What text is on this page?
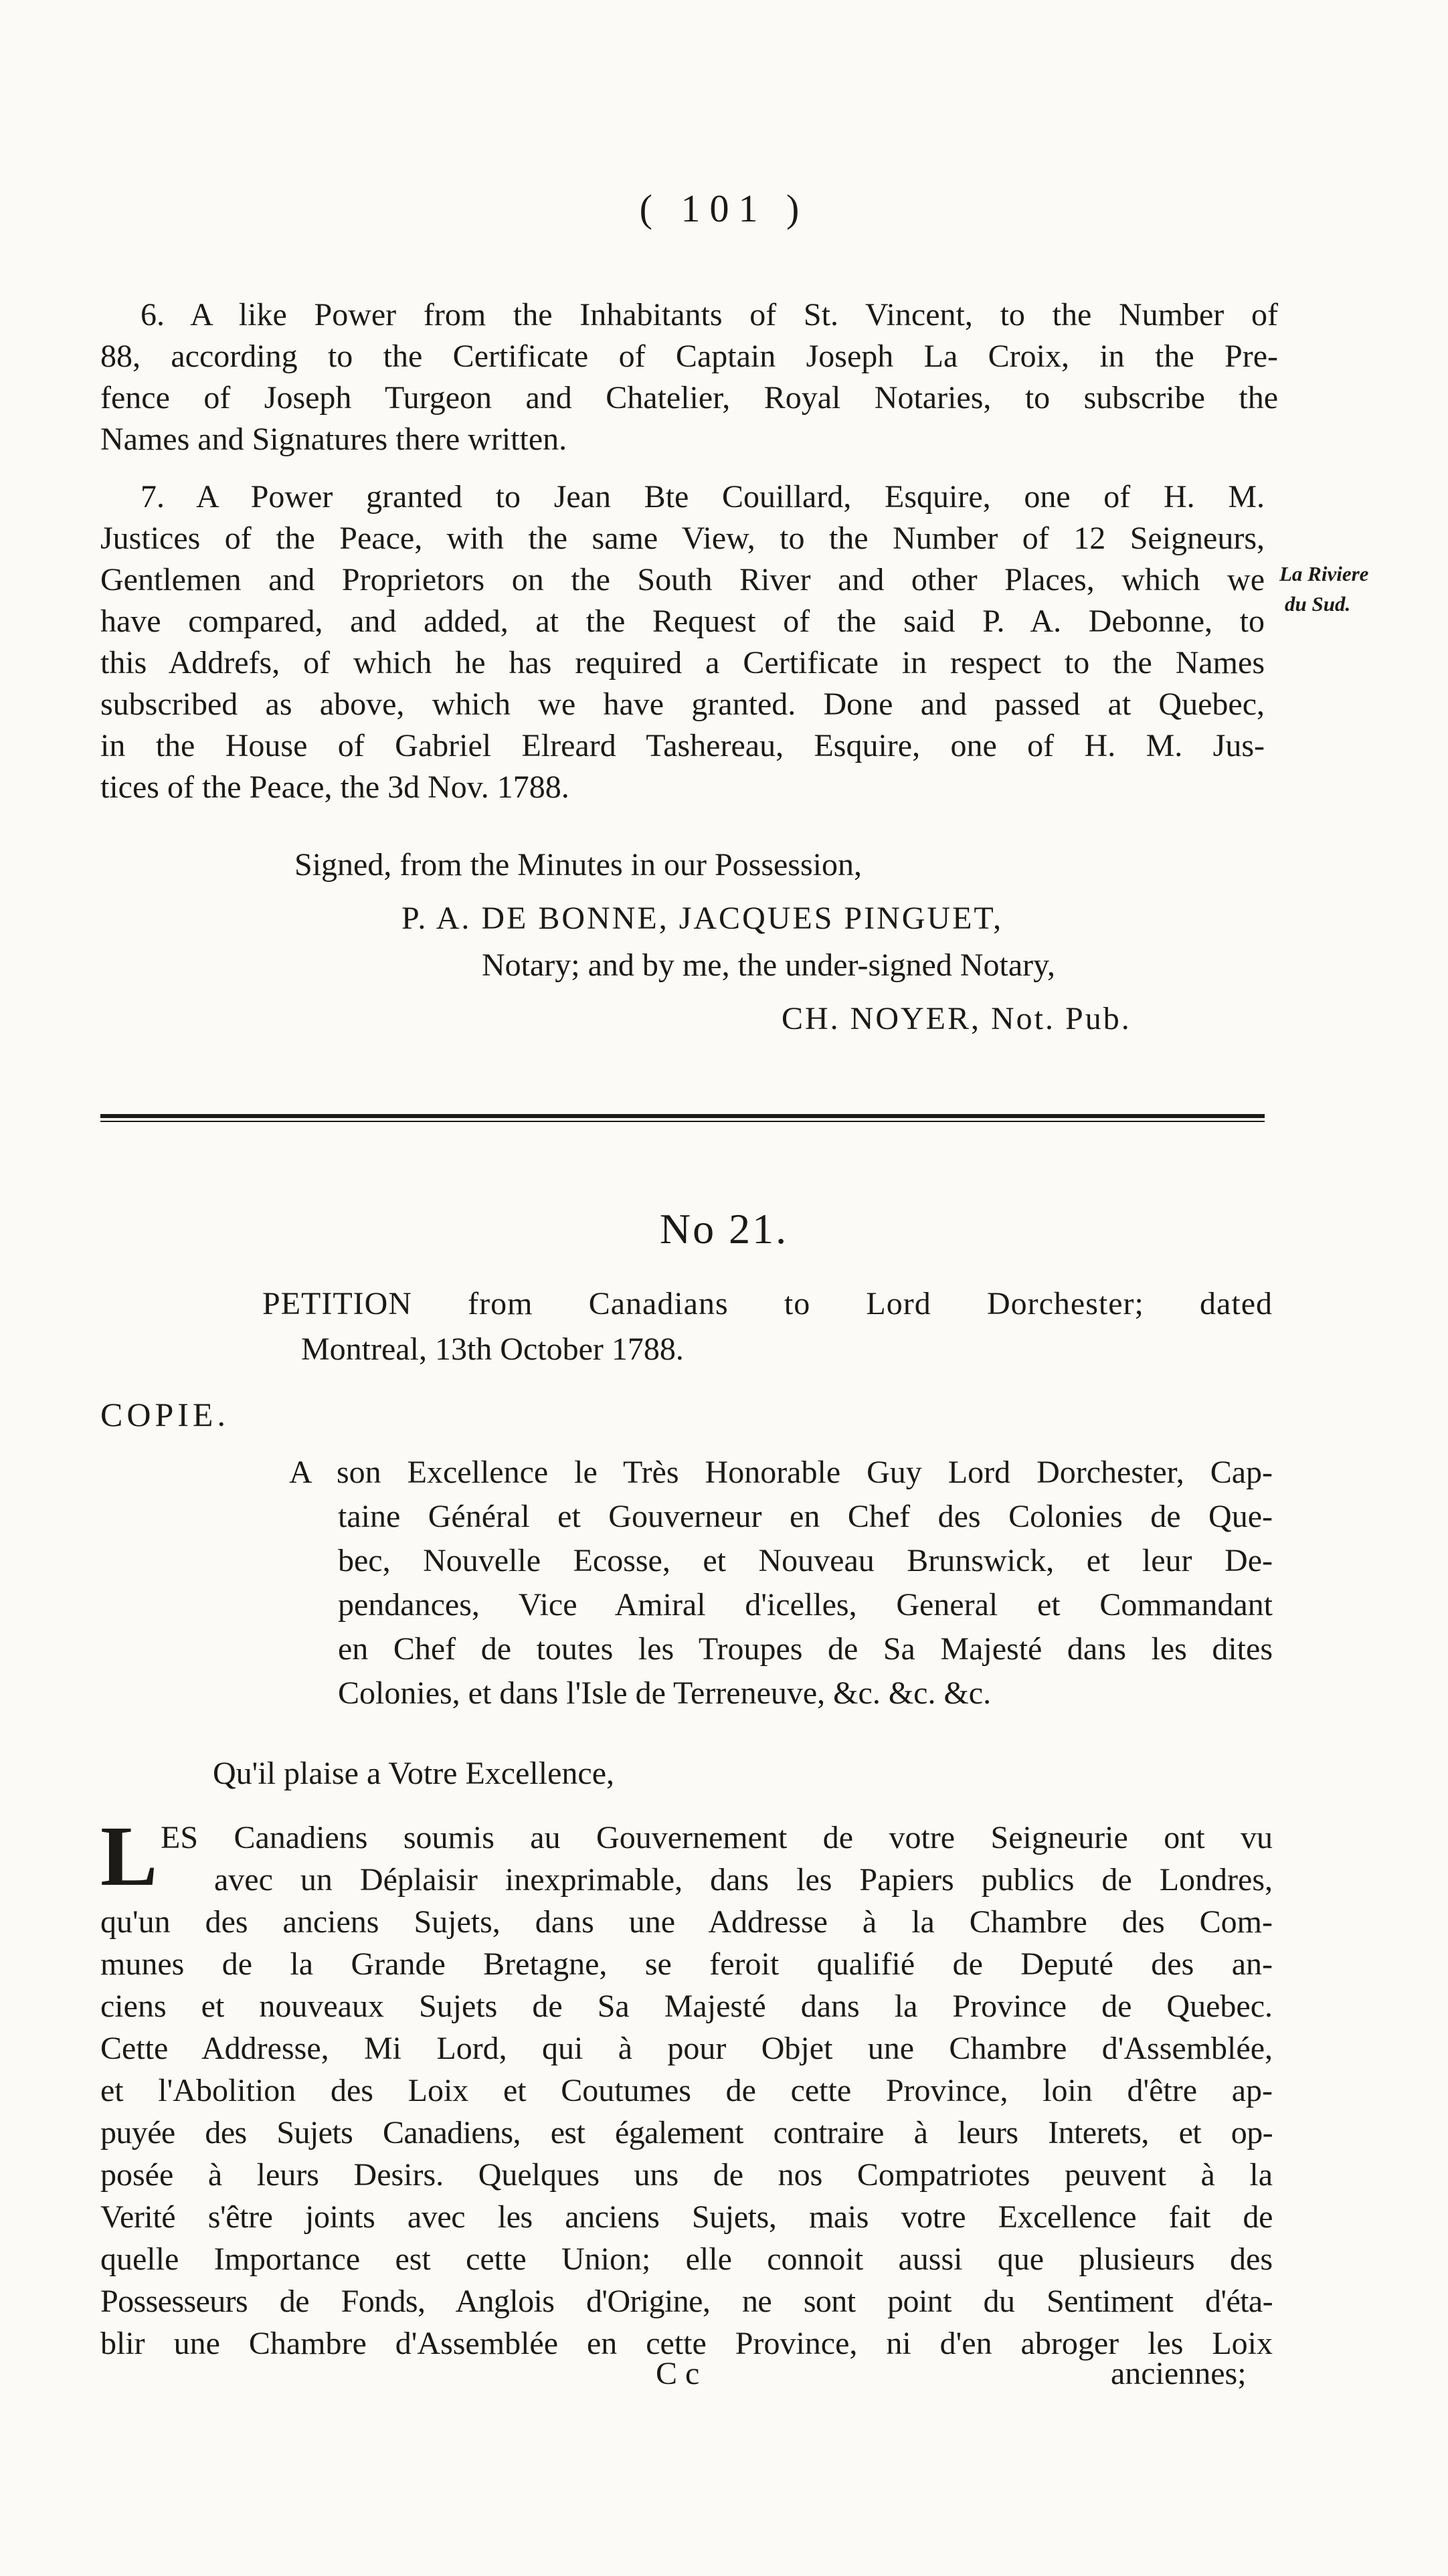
( 101 )
6. A like Power from the Inhabitants of St. Vincent, to the Number of
88, according to the Certificate of Captain Joseph La Croix, in the Pre-
fence of Joseph Turgeon and Chatelier, Royal Notaries, to subscribe the
Names and Signatures there written.
7. A Power granted to Jean Bte Couillard, Esquire, one of H. M.
Justices of the Peace, with the same View, to the Number of 12 Seigneurs,
Gentlemen and Proprietors on the South River and other Places, which we
have compared, and added, at the Request of the said P. A. Debonne, to
this Addrefs, of which he has required a Certificate in respect to the Names
subscribed as above, which we have granted. Done and passed at Quebec,
in the House of Gabriel Elreard Tashereau, Esquire, one of H. M. Jus-
tices of the Peace, the 3d Nov. 1788.
La Riviere
du Sud.
Signed, from the Minutes in our Possession,
P. A. DE BONNE, JACQUES PINGUET,
Notary; and by me, the under-signed Notary,
CH. NOYER, Not. Pub.
No 21.
PETITION from Canadians to Lord Dorchester; dated
Montreal, 13th October 1788.
COPIE.
A son Excellence le Très Honorable Guy Lord Dorchester, Cap-
taine Général et Gouverneur en Chef des Colonies de Que-
bec, Nouvelle Ecosse, et Nouveau Brunswick, et leur De-
pendances, Vice Amiral d'icelles, General et Commandant
en Chef de toutes les Troupes de Sa Majesté dans les dites
Colonies, et dans l'Isle de Terreneuve, &c. &c. &c.
Qu'il plaise a Votre Excellence,
L ES Canadiens soumis au Gouvernement de votre Seigneurie ont vu
avec un Déplaisir inexprimable, dans les Papiers publics de Londres,
qu'un des anciens Sujets, dans une Addresse à la Chambre des Com-
munes de la Grande Bretagne, se feroit qualifié de Deputé des an-
ciens et nouveaux Sujets de Sa Majesté dans la Province de Quebec.
Cette Addresse, Mi Lord, qui à pour Objet une Chambre d'Assemblée,
et l'Abolition des Loix et Coutumes de cette Province, loin d'être ap-
puyée des Sujets Canadiens, est également contraire à leurs Interets, et op-
posée à leurs Desirs. Quelques uns de nos Compatriotes peuvent à la
Verité s'être joints avec les anciens Sujets, mais votre Excellence fait de
quelle Importance est cette Union; elle connoit aussi que plusieurs des
Possesseurs de Fonds, Anglois d'Origine, ne sont point du Sentiment d'éta-
blir une Chambre d'Assemblée en cette Province, ni d'en abroger les Loix
C c	anciennes;
